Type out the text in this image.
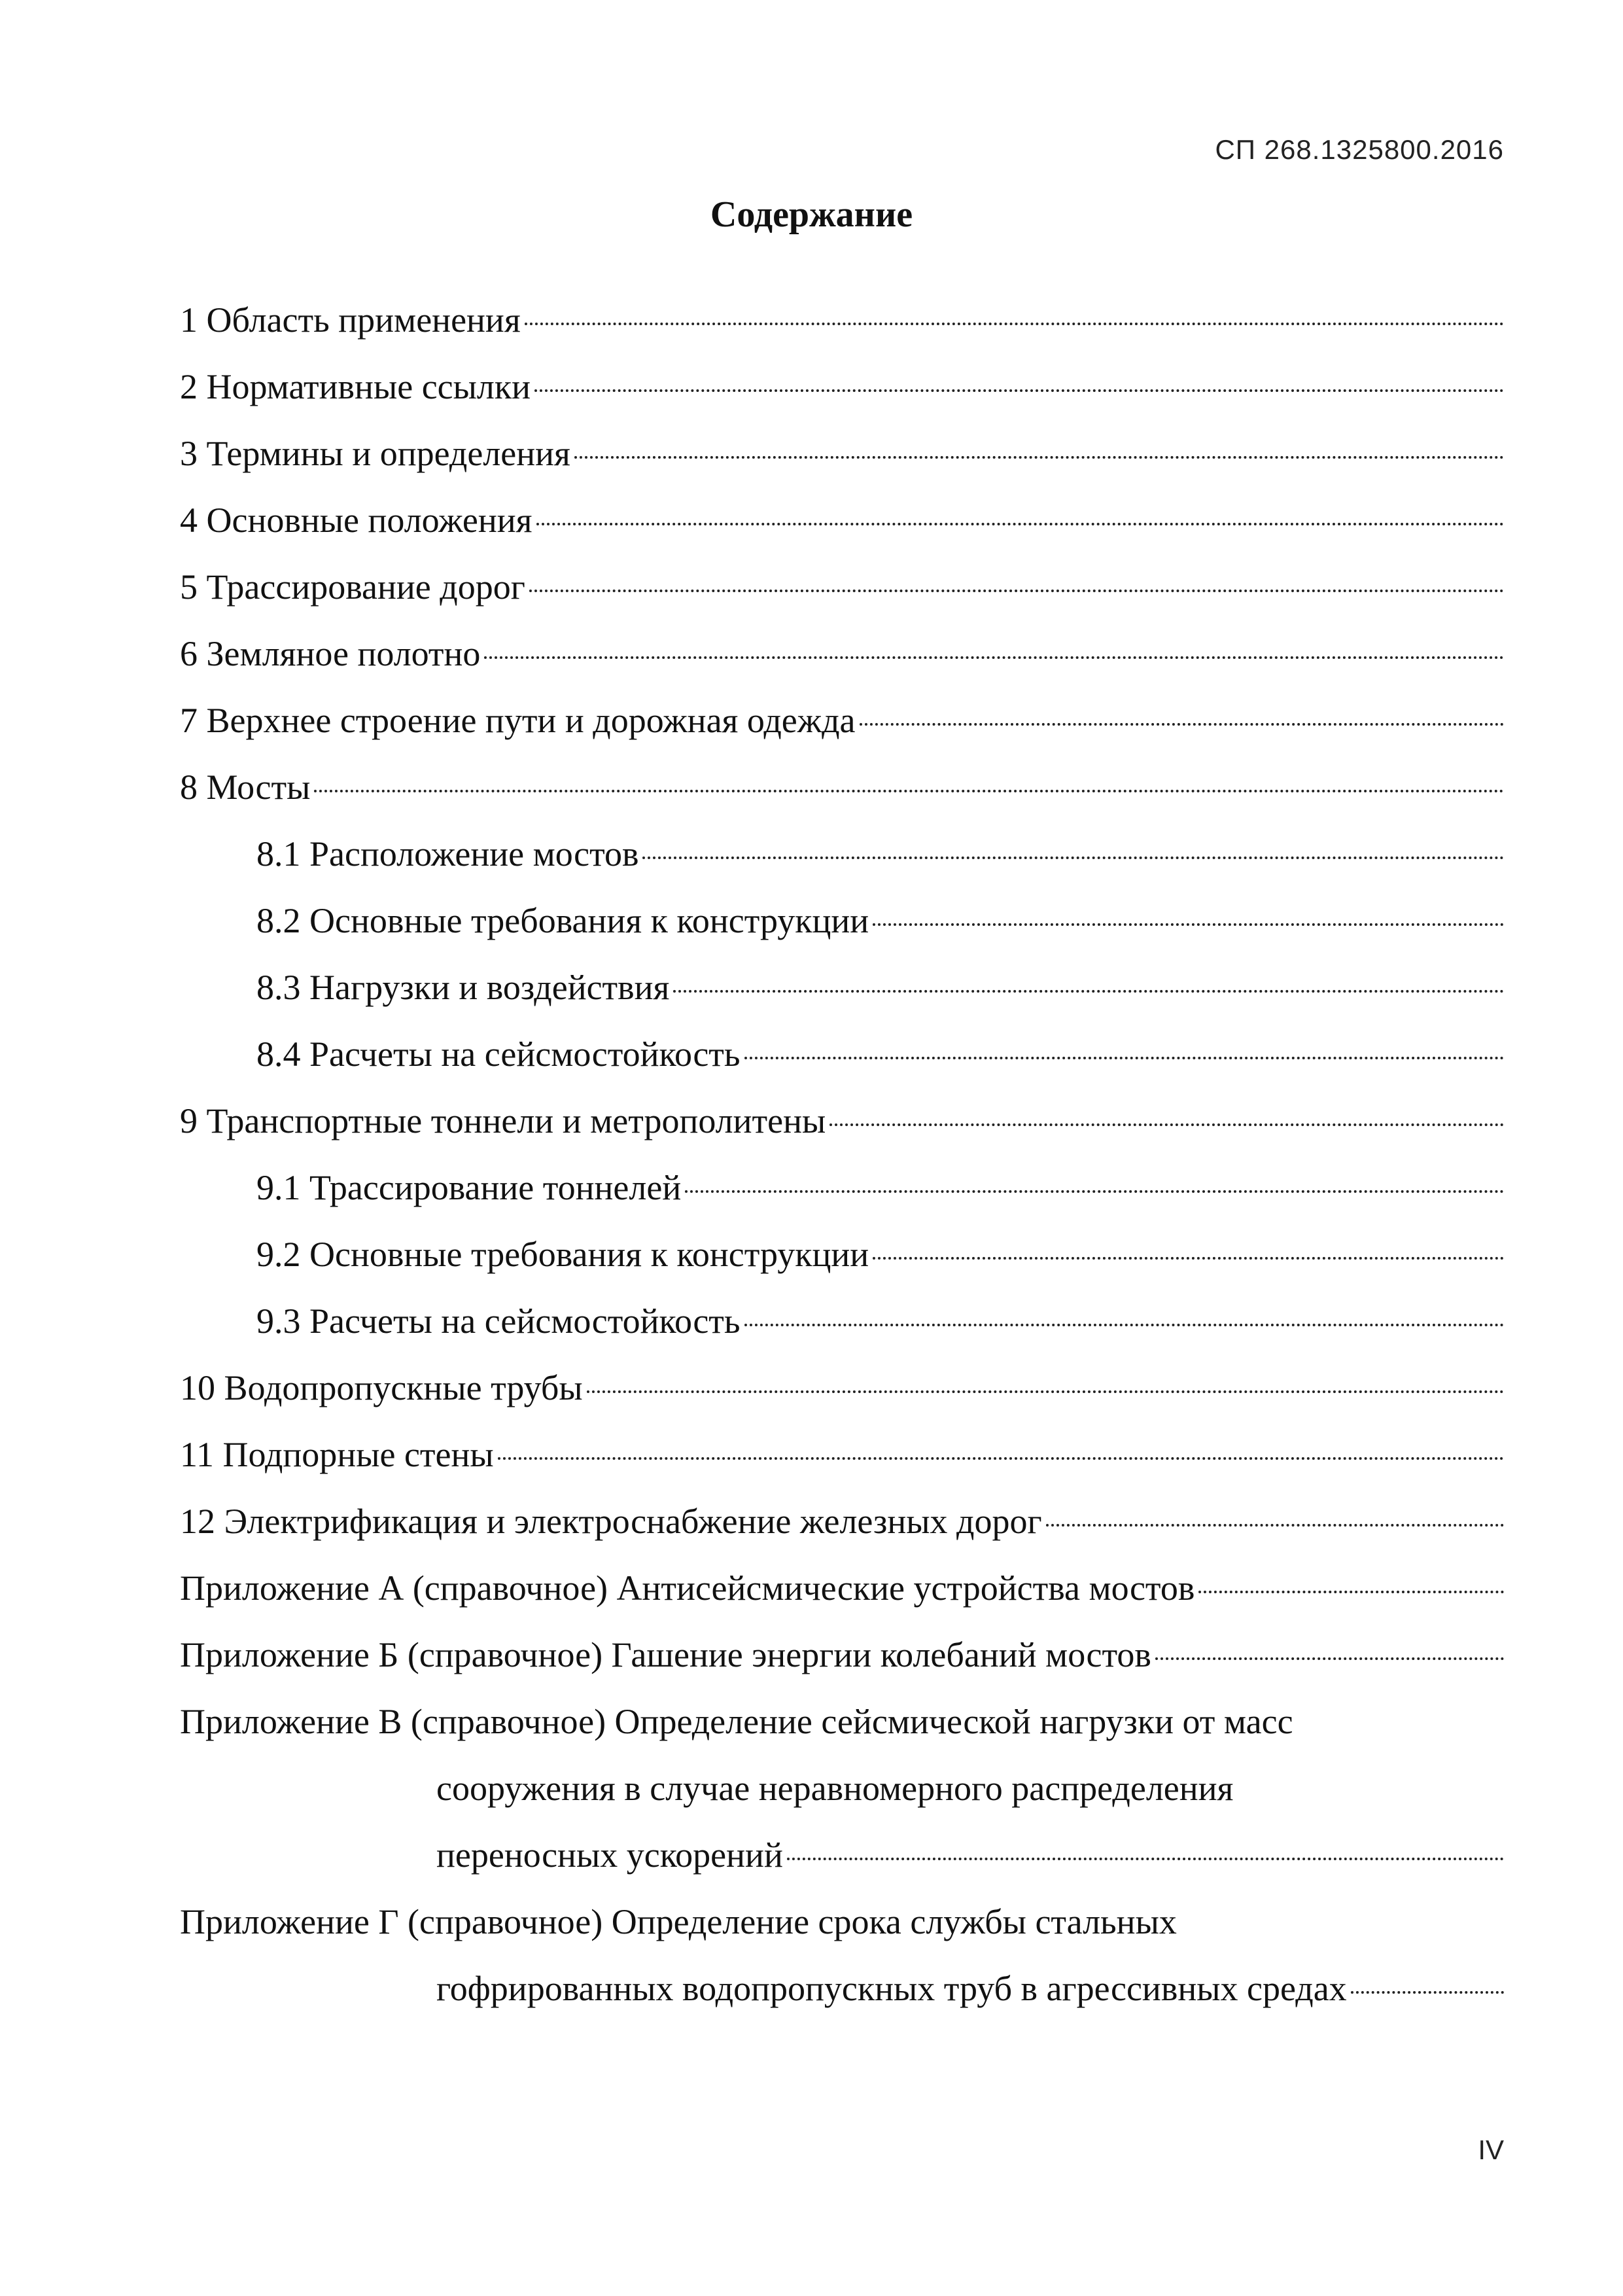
СП 268.1325800.2016
Содержание
1 Область применения
2 Нормативные ссылки
3 Термины и определения
4 Основные положения
5 Трассирование дорог
6 Земляное полотно
7 Верхнее строение пути и дорожная одежда
8 Мосты
8.1 Расположение мостов
8.2 Основные требования к конструкции
8.3 Нагрузки и воздействия
8.4 Расчеты на сейсмостойкость
9 Транспортные тоннели и метрополитены
9.1 Трассирование тоннелей
9.2 Основные требования к конструкции
9.3 Расчеты на сейсмостойкость
10 Водопропускные трубы
11 Подпорные стены
12 Электрификация и электроснабжение железных дорог
Приложение А (справочное) Антисейсмические устройства мостов
Приложение Б (справочное) Гашение энергии колебаний мостов
Приложение В (справочное) Определение сейсмической нагрузки от масс
сооружения в случае неравномерного распределения
переносных ускорений
Приложение Г (справочное) Определение срока службы стальных
гофрированных водопропускных труб в агрессивных средах
IV
